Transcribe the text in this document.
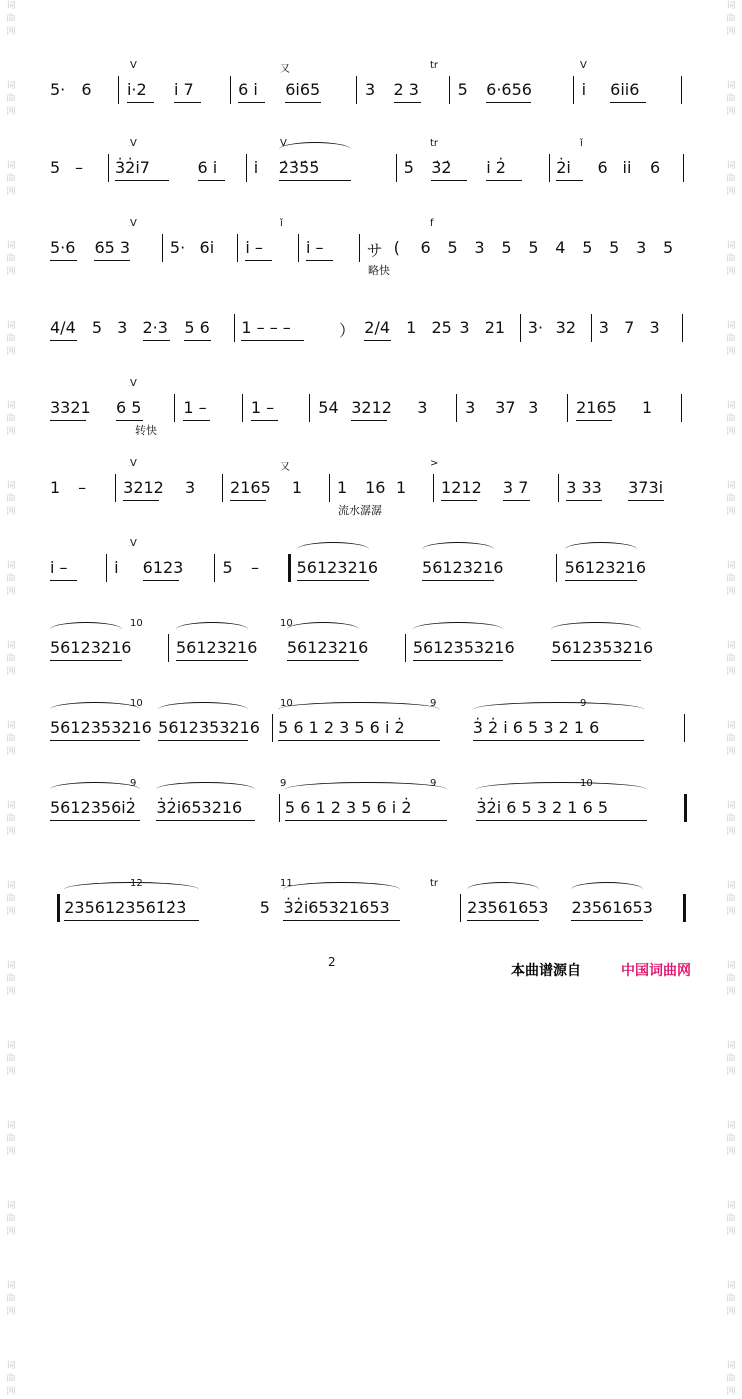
词
曲
网
词
曲
网
词
曲
网
词
曲
网
词
曲
网
词
曲
网
词
曲
网
词
曲
网
词
曲
网
词
曲
网
词
曲
网
词
曲
网
词
曲
网
词
曲
网
词
曲
网
词
曲
网
词
曲
网
词
曲
网
词
曲
网
词
曲
网
词
曲
网
词
曲
网
词
曲
网
词
曲
网
词
曲
网
词
曲
网
词
曲
网
词
曲
网
词
曲
网
词
曲
网
词
曲
网
词
曲
网
词
曲
网
词
曲
网
词
曲
网
词
曲
网
5· 6 i·2 i 7	6 i 6i65	3 2 3 5 6·656	i 6ii6
V	又	tr	V
5 – 3̇2̇i7	6 i i 2̇3̇5̇5̇	5̇ 3̇2̇ i 2̇	2̇i 6 ii 6
V	V	tr	ǐ
5·6 65 3 5· 6i i –	i –	サ ( 6 5 3 5 5 4 5 5 3 5
V	ǐ	f
略快
4/4 5 3 2·3 5 6 1 – – –	） 2/4 1 25 3 21 3· 32 3 7 3
3321 6 5	1 –	1 –	54 3212 3 3 37 3 2165 1
V
转快
1 – 3212 3 2165 1 1 16 1 1212 3 7 3 33 373i
V	又	>
流水潺潺
i –	i 6123 5 – 56123216	56123216	56123216
V
56123216	56123216 56123216	5612353216 5612353216
10	10
5612353216 5612353216 5 6 1 2 3 5 6 i 2̇	3̇ 2̇ i 6 5 3 2 1 6
10	10	9	9
5612356i2̇ 3̇2̇i653216	5 6 1 2 3 5 6 i 2̇	3̇2̇i 6 5 3 2 1 6 5
9	9	9	10
2356123561̇2̇3̇	5 3̇2̇i65321653	23561653 23561653
12	11	tr
2
本曲谱源自	中国词曲网
